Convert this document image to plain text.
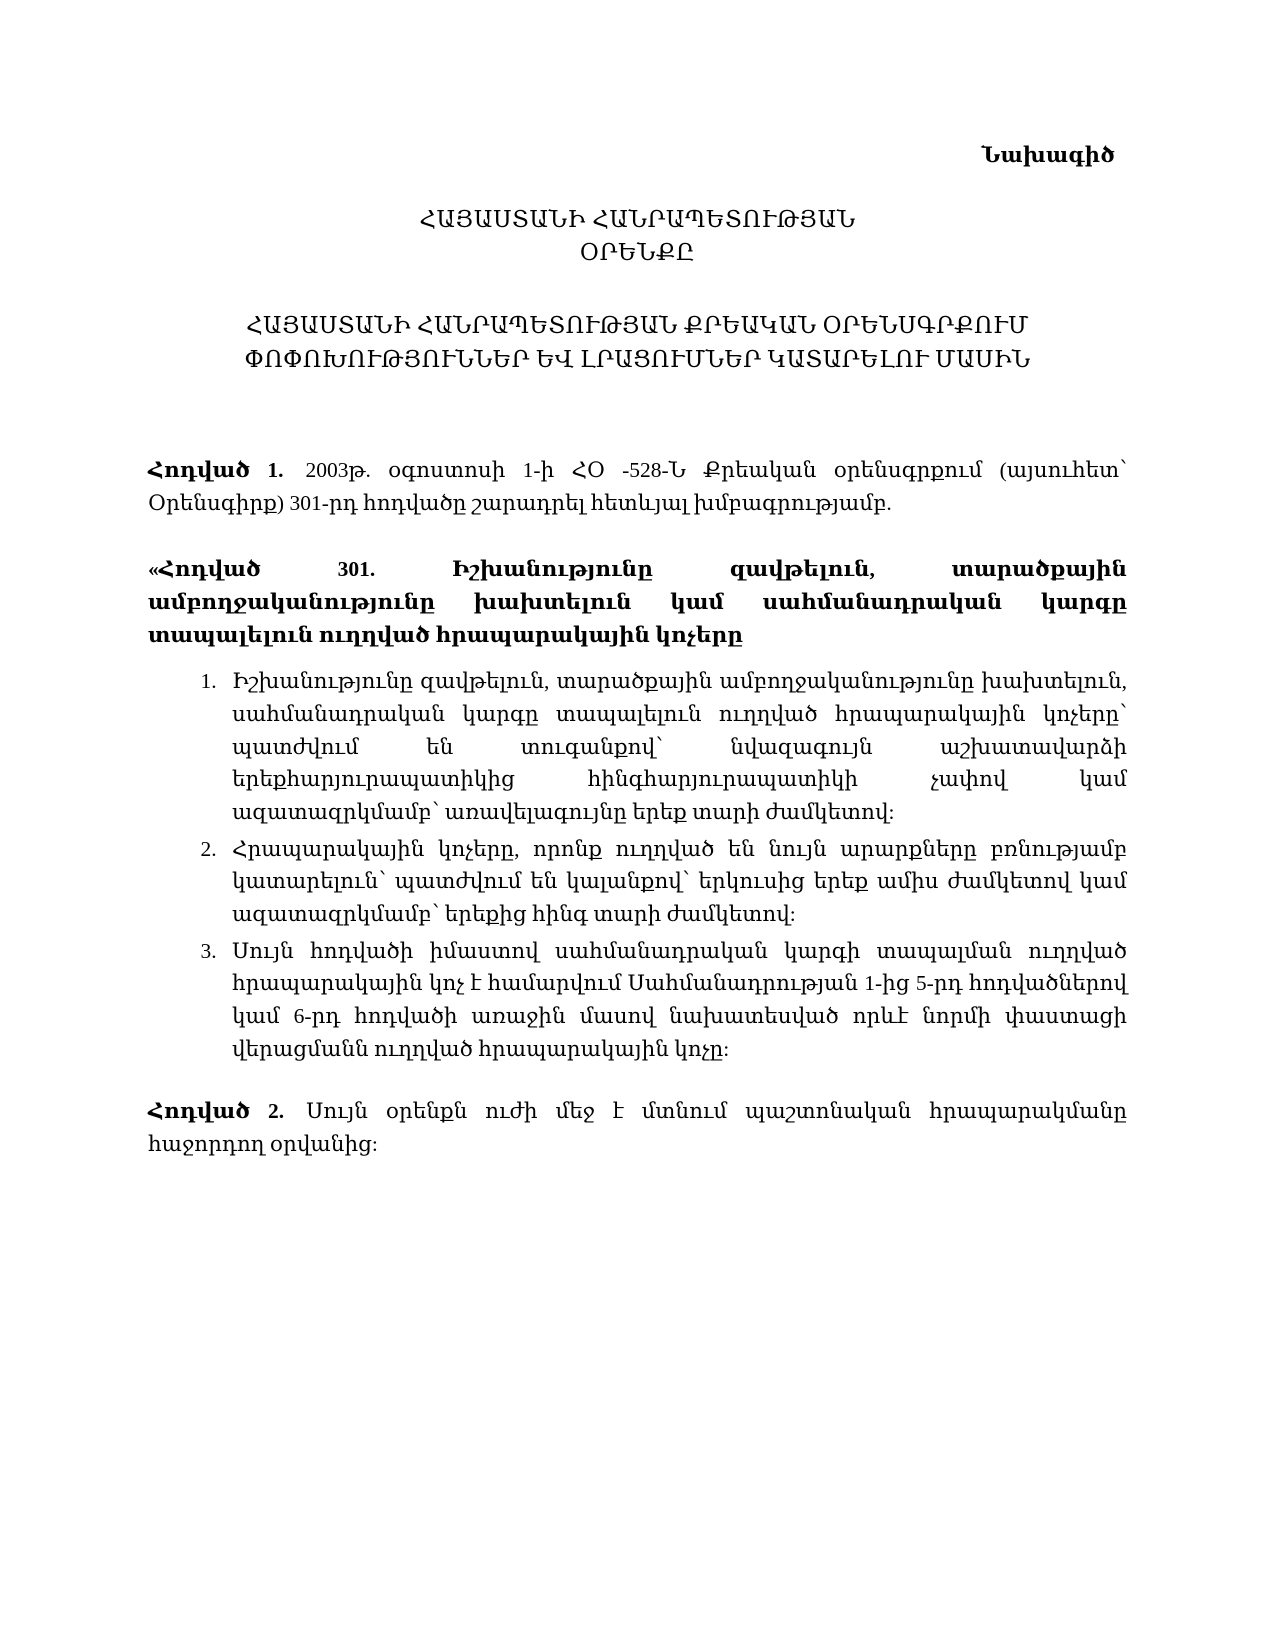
Նախագիծ
ՀԱՅԱՍՏԱՆԻ ՀԱՆՐԱՊԵՏՈՒԹՅԱՆ
ՕՐԵՆՔԸ
ՀԱՅԱՍՏԱՆԻ ՀԱՆՐԱՊԵՏՈՒԹՅԱՆ ՔՐԵԱԿԱՆ ՕՐԵՆՍԳՐՔՈՒՄ
ՓՈՓՈԽՈՒԹՅՈՒՆՆԵՐ ԵՎ ԼՐԱՑՈՒՄՆԵՐ ԿԱՏԱՐԵԼՈՒ ՄԱՍԻՆ

Հոդված 1. 2003թ. օգոստոսի 1-ի ՀՕ -528-Ն Քրեական օրենսգրքում (այսուհետ՝ Օրենսգիրք) 301-րդ հոդվածը շարադրել հետևյալ խմբագրությամբ.

«Հոդված 301. Իշխանությունը զավթելուն, տարածքային ամբողջականությունը խախտելուն կամ սահմանադրական կարգը տապալելուն ուղղված հրապարակային կոչերը

1. Իշխանությունը զավթելուն, տարածքային ամբողջականությունը խախտելուն, սահմանադրական կարգը տապալելուն ուղղված հրապարակային կոչերը՝ պատժվում են տուգանքով՝ նվազագույն աշխատավարձի երեքհարյուրապատիկից հինգհարյուրապատիկի չափով կամ ազատազրկմամբ՝ առավելագույնը երեք տարի ժամկետով:
2. Հրապարակային կոչերը, որոնք ուղղված են նույն արարքները բռնությամբ կատարելուն՝ պատժվում են կալանքով՝ երկուսից երեք ամիս ժամկետով կամ ազատազրկմամբ՝ երեքից հինգ տարի ժամկետով:
3. Սույն հոդվածի իմաստով սահմանադրական կարգի տապալման ուղղված հրապարակային կոչ է համարվում Սահմանադրության 1-ից 5-րդ հոդվածներով կամ 6-րդ հոդվածի առաջին մասով նախատեսված որևէ նորմի փաստացի վերացմանն ուղղված հրապարակային կոչը:

Հոդված 2. Սույն օրենքն ուժի մեջ է մտնում պաշտոնական հրապարակմանը հաջորդող օրվանից:
